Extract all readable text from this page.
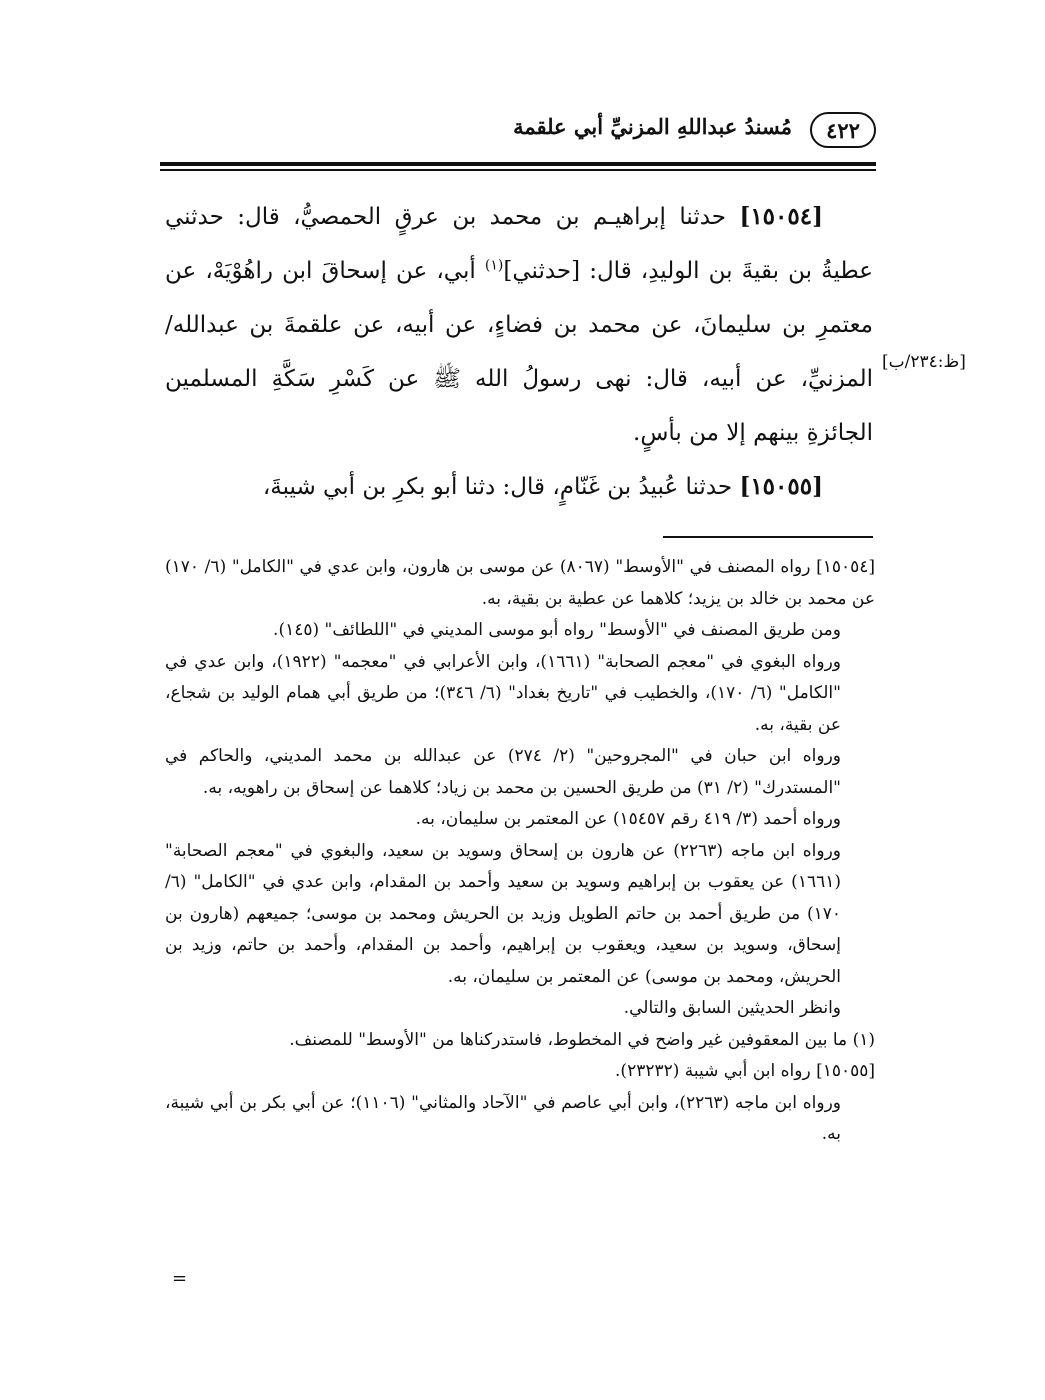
٤٢٢
مُسندُ عبداللهِ المزنيِّ أبي علقمة
[ظ:٢٣٤/ب]

[١٥٠٥٤] حدثنا إبراهيـم بن محمد بن عرقٍ الحمصيُّ، قال: حدثني عطيةُ بن بقيةَ بن الوليدِ، قال: [حدثني]$^{(١)}$ أبي، عن إسحاقَ ابن راهُوْيَهْ، عن معتمرِ بن سليمانَ، عن محمد بن فضاءٍ، عن أبيه، عن علقمةَ بن عبدالله/ المزنيِّ، عن أبيه، قال: نهى رسولُ الله ﷺ عن كَسْرِ سَكَّةِ المسلمين الجائزةِ بينهم إلا من بأسٍ.

[١٥٠٥٥] حدثنا عُبيدُ بن غَنّامٍ، قال: دثنا أبو بكرِ بن أبي شيبةَ،

[١٥٠٥٤] رواه المصنف في "الأوسط" (٨٠٦٧) عن موسى بن هارون، وابن عدي في "الكامل" (٦/ ١٧٠) عن محمد بن خالد بن يزيد؛ كلاهما عن عطية بن بقية، به.

ومن طريق المصنف في "الأوسط" رواه أبو موسى المديني في "اللطائف" (١٤٥).

ورواه البغوي في "معجم الصحابة" (١٦٦١)، وابن الأعرابي في "معجمه" (١٩٢٢)، وابن عدي في "الكامل" (٦/ ١٧٠)، والخطيب في "تاريخ بغداد" (٦/ ٣٤٦)؛ من طريق أبي همام الوليد بن شجاع، عن بقية، به.

ورواه ابن حبان في "المجروحين" (٢/ ٢٧٤) عن عبدالله بن محمد المديني، والحاكم في "المستدرك" (٢/ ٣١) من طريق الحسين بن محمد بن زياد؛ كلاهما عن إسحاق بن راهويه، به.

ورواه أحمد (٣/ ٤١٩ رقم ١٥٤٥٧) عن المعتمر بن سليمان، به.

ورواه ابن ماجه (٢٢٦٣) عن هارون بن إسحاق وسويد بن سعيد، والبغوي في "معجم الصحابة" (١٦٦١) عن يعقوب بن إبراهيم وسويد بن سعيد وأحمد بن المقدام، وابن عدي في "الكامل" (٦/ ١٧٠) من طريق أحمد بن حاتم الطويل وزيد بن الحريش ومحمد بن موسى؛ جميعهم (هارون بن إسحاق، وسويد بن سعيد، ويعقوب بن إبراهيم، وأحمد بن المقدام، وأحمد بن حاتم، وزيد بن الحريش، ومحمد بن موسى) عن المعتمر بن سليمان، به.

وانظر الحديثين السابق والتالي.

(١) ما بين المعقوفين غير واضح في المخطوط، فاستدركناها من "الأوسط" للمصنف.

[١٥٠٥٥] رواه ابن أبي شيبة (٢٣٢٣٢).

ورواه ابن ماجه (٢٢٦٣)، وابن أبي عاصم في "الآحاد والمثاني" (١١٠٦)؛ عن أبي بكر بن أبي شيبة، به.

=
